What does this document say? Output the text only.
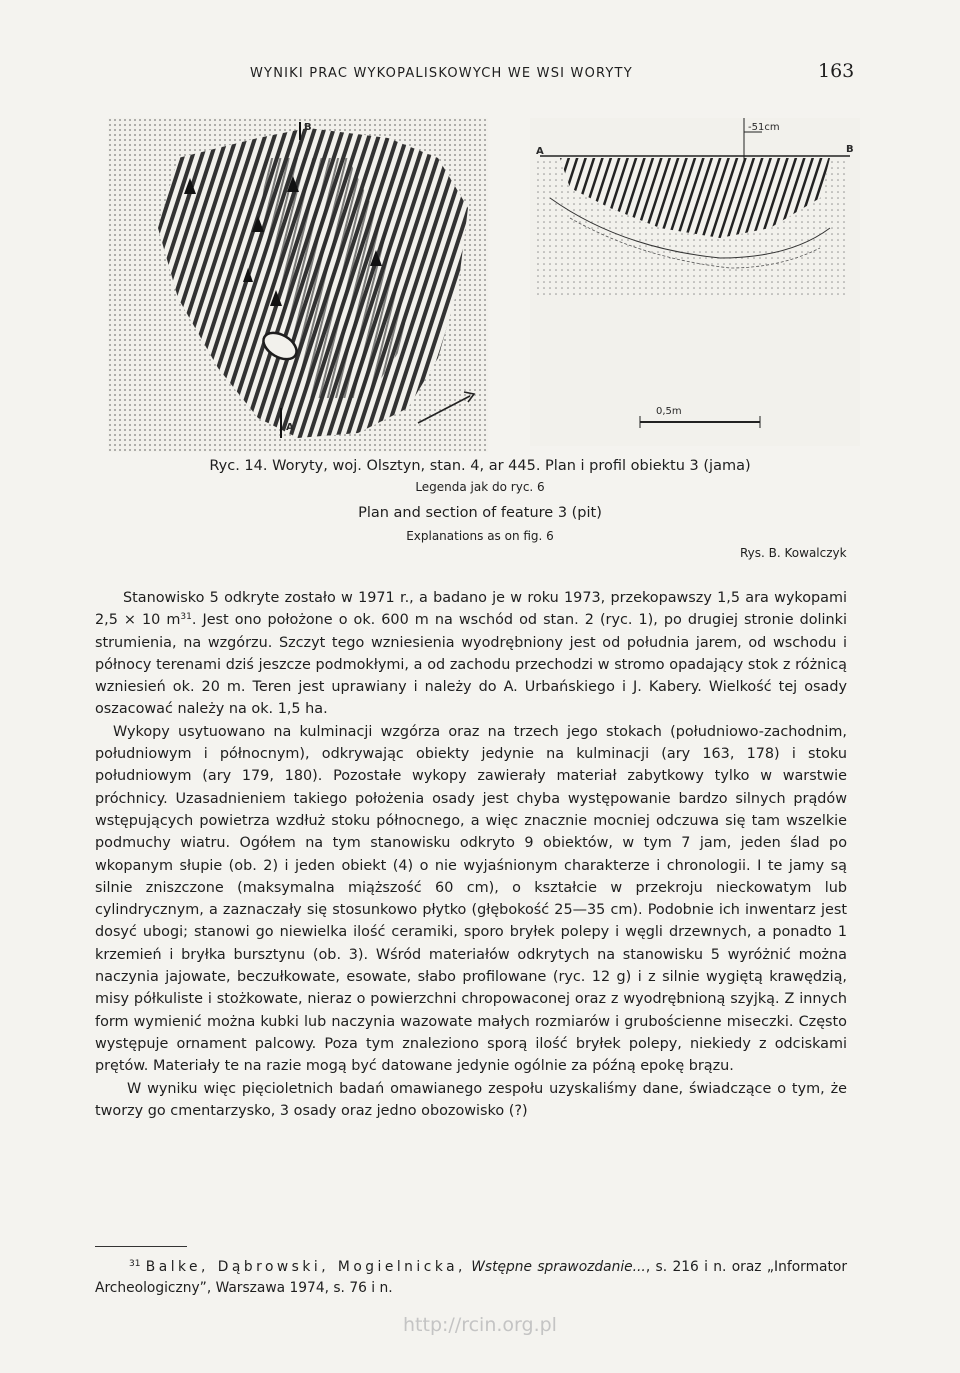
WYNIKI PRAC WYKOPALISKOWYCH WE WSI WORYTY	163
B
A
A	B
-51cm
0,5m
Ryc. 14. Woryty, woj. Olsztyn, stan. 4, ar 445. Plan i profil obiektu 3 (jama)
Legenda jak do ryc. 6
Plan and section of feature 3 (pit)
Explanations as on fig. 6
Rys. B. Kowalczyk

Stanowisko 5 odkryte zostało w 1971 r., a badano je w roku 1973, przekopawszy 1,5 ara wykopami 2,5 × 10 $m^{31}$. Jest ono położone o ok. 600 m na wschód od stan. 2 (ryc. 1), po drugiej stronie dolinki strumienia, na wzgórzu. Szczyt tego wzniesienia wyodrębniony jest od południa jarem, od wschodu i północy terenami dziś jeszcze podmokłymi, a od zachodu przechodzi w stromo opadający stok z różnicą wzniesień ok. 20 m. Teren jest uprawiany i należy do A. Urbańskiego i J. Kabery. Wielkość tej osady oszacować należy na ok. 1,5 ha.

Wykopy usytuowano na kulminacji wzgórza oraz na trzech jego stokach (południowo-zachodnim, południowym i północnym), odkrywając obiekty jedynie na kulminacji (ary 163, 178) i stoku południowym (ary 179, 180). Pozostałe wykopy zawierały materiał zabytkowy tylko w warstwie próchnicy. Uzasadnieniem takiego położenia osady jest chyba występowanie bardzo silnych prądów wstępujących powietrza wzdłuż stoku północnego, a więc znacznie mocniej odczuwa się tam wszelkie podmuchy wiatru. Ogółem na tym stanowisku odkryto 9 obiektów, w tym 7 jam, jeden ślad po wkopanym słupie (ob. 2) i jeden obiekt (4) o nie wyjaśnionym charakterze i chronologii. I te jamy są silnie zniszczone (maksymalna miąższość 60 cm), o kształcie w przekroju nieckowatym lub cylindrycznym, a zaznaczały się stosunkowo płytko (głębokość 25—35 cm). Podobnie ich inwentarz jest dosyć ubogi; stanowi go niewielka ilość ceramiki, sporo bryłek polepy i węgli drzewnych, a ponadto 1 krzemień i bryłka bursztynu (ob. 3). Wśród materiałów odkrytych na stanowisku 5 wyróżnić można naczynia jajowate, beczułkowate, esowate, słabo profilowane (ryc. 12 g) i z silnie wygiętą krawędzią, misy półkuliste i stożkowate, nieraz o powierzchni chropowaconej oraz z wyodrębnioną szyjką. Z innych form wymienić można kubki lub naczynia wazowate małych rozmiarów i grubościenne miseczki. Często występuje ornament palcowy. Poza tym znaleziono sporą ilość bryłek polepy, niekiedy z odciskami prętów. Materiały te na razie mogą być datowane jedynie ogólnie za późną epokę brązu.

W wyniku więc pięcioletnich badań omawianego zespołu uzyskaliśmy dane, świadczące o tym, że tworzy go cmentarzysko, 3 osady oraz jedno obozowisko (?)

$^{31}$ Balke, Dąbrowski, Mogielnicka, Wstępne sprawozdanie..., s. 216 i n. oraz „Informator Archeologiczny”, Warszawa 1974, s. 76 i n.
http://rcin.org.pl
